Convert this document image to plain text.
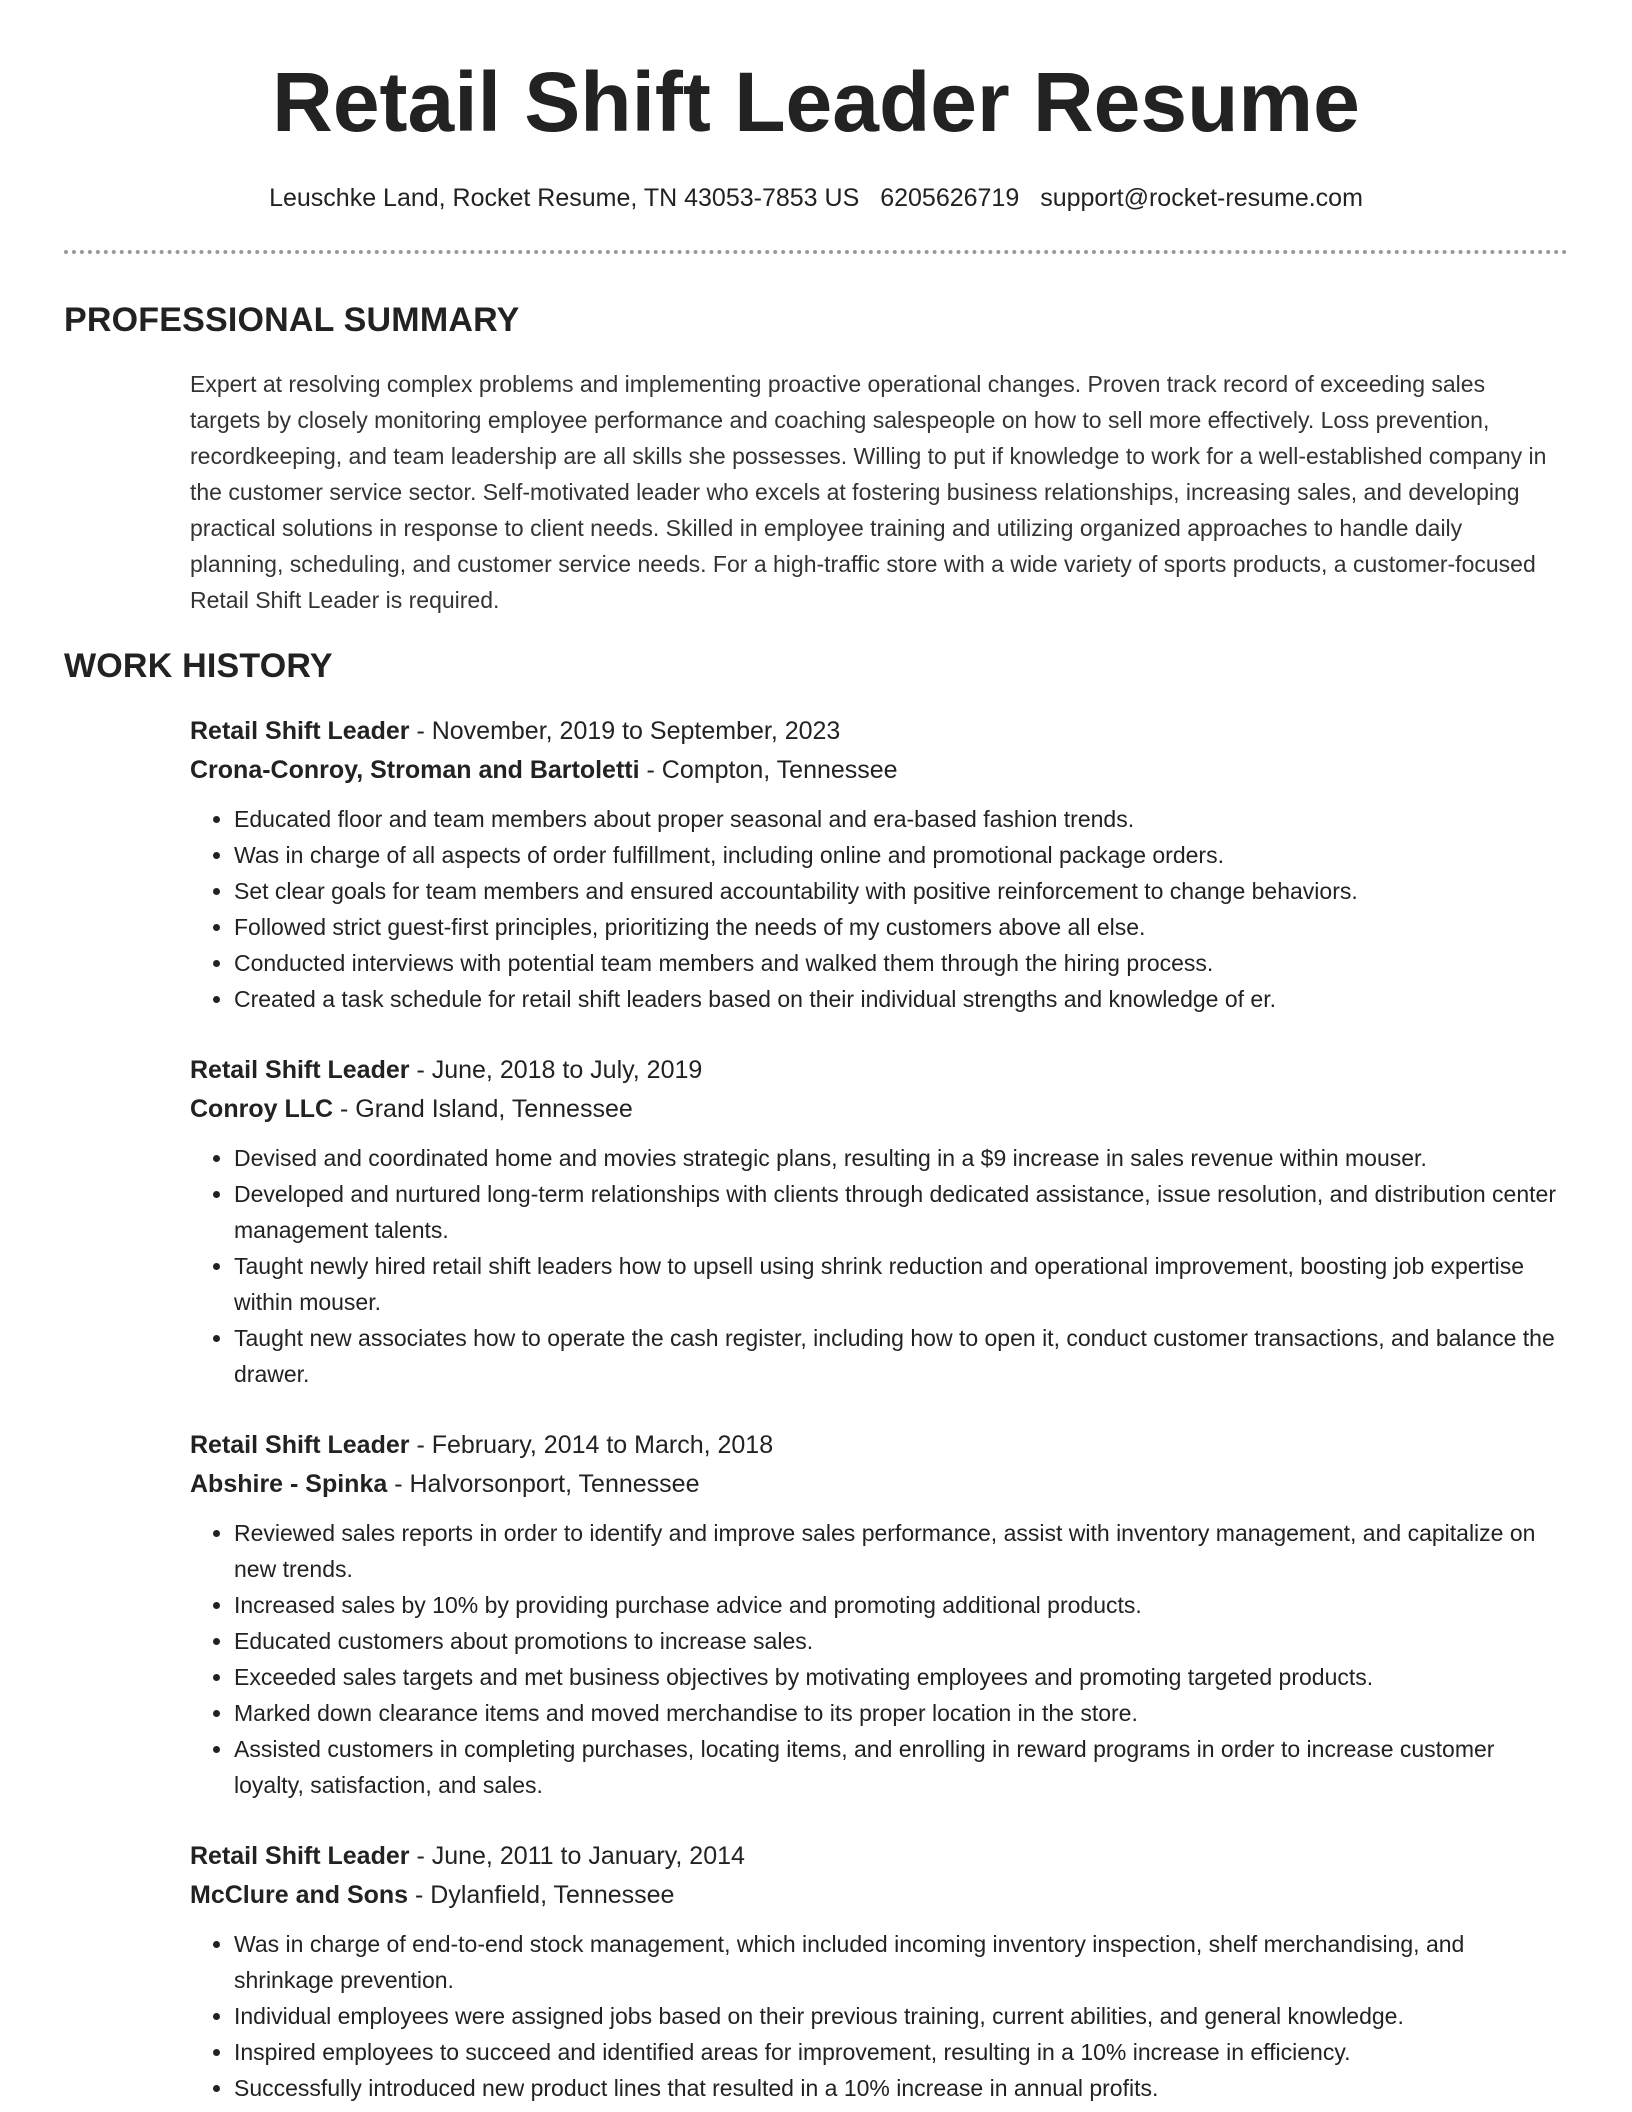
Retail Shift Leader Resume
Leuschke Land, Rocket Resume, TN 43053-7853 US 6205626719 support@rocket-resume.com
PROFESSIONAL SUMMARY

Expert at resolving complex problems and implementing proactive operational changes. Proven track record of exceeding sales targets by closely monitoring employee performance and coaching salespeople on how to sell more effectively. Loss prevention, recordkeeping, and team leadership are all skills she possesses. Willing to put if knowledge to work for a well-established company in the customer service sector. Self-motivated leader who excels at fostering business relationships, increasing sales, and developing practical solutions in response to client needs. Skilled in employee training and utilizing organized approaches to handle daily planning, scheduling, and customer service needs. For a high-traffic store with a wide variety of sports products, a customer-focused Retail Shift Leader is required.

WORK HISTORY
Retail Shift Leader - November, 2019 to September, 2023
Crona-Conroy, Stroman and Bartoletti - Compton, Tennessee
• Educated floor and team members about proper seasonal and era-based fashion trends.
• Was in charge of all aspects of order fulfillment, including online and promotional package orders.
• Set clear goals for team members and ensured accountability with positive reinforcement to change behaviors.
• Followed strict guest-first principles, prioritizing the needs of my customers above all else.
• Conducted interviews with potential team members and walked them through the hiring process.
• Created a task schedule for retail shift leaders based on their individual strengths and knowledge of er.
Retail Shift Leader - June, 2018 to July, 2019
Conroy LLC - Grand Island, Tennessee
• Devised and coordinated home and movies strategic plans, resulting in a $9 increase in sales revenue within mouser.
• Developed and nurtured long-term relationships with clients through dedicated assistance, issue resolution, and distribution center management talents.
• Taught newly hired retail shift leaders how to upsell using shrink reduction and operational improvement, boosting job expertise within mouser.
• Taught new associates how to operate the cash register, including how to open it, conduct customer transactions, and balance the drawer.
Retail Shift Leader - February, 2014 to March, 2018
Abshire - Spinka - Halvorsonport, Tennessee
• Reviewed sales reports in order to identify and improve sales performance, assist with inventory management, and capitalize on new trends.
• Increased sales by 10% by providing purchase advice and promoting additional products.
• Educated customers about promotions to increase sales.
• Exceeded sales targets and met business objectives by motivating employees and promoting targeted products.
• Marked down clearance items and moved merchandise to its proper location in the store.
• Assisted customers in completing purchases, locating items, and enrolling in reward programs in order to increase customer loyalty, satisfaction, and sales.
Retail Shift Leader - June, 2011 to January, 2014
McClure and Sons - Dylanfield, Tennessee
• Was in charge of end-to-end stock management, which included incoming inventory inspection, shelf merchandising, and shrinkage prevention.
• Individual employees were assigned jobs based on their previous training, current abilities, and general knowledge.
• Inspired employees to succeed and identified areas for improvement, resulting in a 10% increase in efficiency.
• Successfully introduced new product lines that resulted in a 10% increase in annual profits.
